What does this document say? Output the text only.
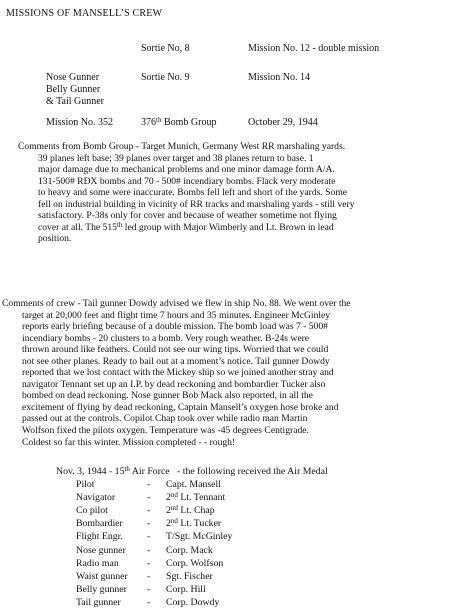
MISSIONS OF MANSELL’S CREW
Sortie No, 8	Mission No. 12 - double mission
Nose Gunner
Belly Gunner
& Tail Gunner
Sortie No. 9	Mission No. 14
Mission No. 352	376th Bomb Group	October 29, 1944
Comments from Bomb Group - Target Munich, Germany West RR marshaling yards.
39 planes left base; 39 planes over target and 38 planes return to base. 1
major damage due to mechanical problems and one minor damage form A/A.
131-500# RDX bombs and 70 - 500# incendiary bombs. Flack very moderate
to heavy and some were inaccurate. Bombs fell left and short of the yards. Some
fell on industrial building in vicinity of RR tracks and marshaling yards - still very
satisfactory. P-38s only for cover and because of weather sometime not flying
cover at all. The 515th led group with Major Wimberly and Lt. Brown in lead
position.
Comments of crew - Tail gunner Dowdy advised we flew in ship No. 88. We went over the
target at 20,000 feet and flight time 7 hours and 35 minutes. Engineer McGinley
reports early briefing because of a double mission. The bomb load was 7 - 500#
incendiary bombs - 20 clusters to a bomb. Very rough weather. B-24s were
thrown around like feathers. Could not see our wing tips. Worried that we could
not see other planes. Ready to bail out at a moment’s notice. Tail gunner Dowdy
reported that we lost contact with the Mickey ship so we joined another stray and
navigator Tennant set up an I.P. by dead reckoning and bombardier Tucker also
bombed on dead reckoning. Nose gunner Bob Mack also reported, in all the
excitement of flying by dead reckoning, Captain Mansell’s oxygen hose broke and
passed out at the controls. Copilot Chap took over while radio man Martin
Wolfson fixed the pilots oxygen. Temperature was -45 degrees Centigrade.
Coldest so far this winter. Mission completed - - rough!
Nov. 3, 1944 - 15th Air Force   - the following received the Air Medal
Pilot	- Capt. Mansell
Navigator	- 2nd Lt. Tennant
Co pilot	- 2nd Lt. Chap
Bombardier - 2nd Lt. Tucker
Flight Engr. - T/Sgt. McGinley
Nose gunner - Corp. Mack
Radio man	- Corp. Wolfson
Waist gunner - Sgt. Fischer
Belly gunner - Corp. Hill
Tail gunner	- Corp. Dowdy
